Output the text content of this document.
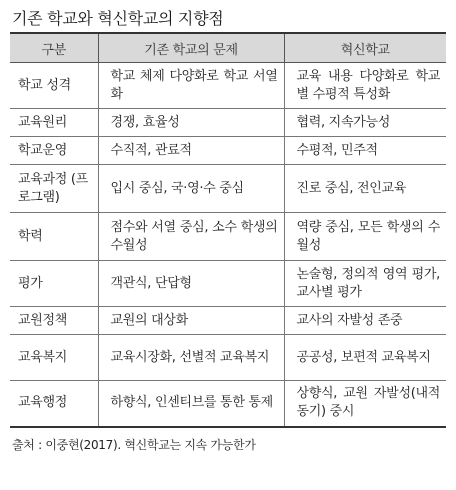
기존 학교와 혁신학교의 지향점
구분	기존 학교의 문제	혁신학교
학교 성격	학교 체제 다양화로 학교 서열화	교육 내용 다양화로 학교별 수평적 특성화
교육원리	경쟁, 효율성	협력, 지속가능성
학교운영	수직적, 관료적	수평적, 민주적
교육과정 (프로그램)	입시 중심, 국·영·수 중심	진로 중심, 전인교육
학력	점수와 서열 중심, 소수 학생의 수월성	역량 중심, 모든 학생의 수월성
평가	객관식, 단답형	논술형, 정의적 영역 평가, 교사별 평가
교원정책	교원의 대상화	교사의 자발성 존중
교육복지	교육시장화, 선별적 교육복지	공공성, 보편적 교육복지
교육행정	하향식, 인센티브를 통한 통제	상향식, 교원 자발성(내적 동기) 중시
출처 : 이중현(2017). 혁신학교는 지속 가능한가
